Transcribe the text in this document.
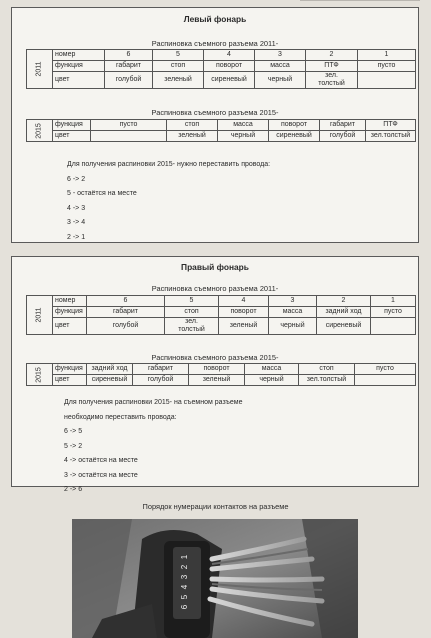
Левый фонарь
Распиновка съемного разъема 2011-
2011	номер	6	5	4	3	2	1
	функция	габарит	стоп	поворот	масса	ПТФ	пусто
	цвет	голубой	зеленый	сиреневый	черный	зел.
толстый	
Распиновка съемного разъема 2015-
2015	функция	пусто	стоп	масса	поворот	габарит	ПТФ
	цвет		зеленый	черный	сиреневый	голубой	зел.толстый
Для получения распиновки 2015- нужно переставить провода:
6 -> 2
5 - остаётся на месте
4 -> 3
3 -> 4
2 -> 1
Правый фонарь
Распиновка съемного разъема 2011-
2011	номер	6	5	4	3	2	1
	функция	габарит	стоп	поворот	масса	задний ход	пусто
	цвет	голубой	зел.
толстый	зеленый	черный	сиреневый	
Распиновка съемного разъема 2015-
2015	функция	задний ход	габарит	поворот	масса	стоп	пусто
	цвет	сиреневый	голубой	зеленый	черный	зел.толстый	
Для получения распиновки 2015- на съемном разъеме
необходимо переставить провода:
6 -> 5
5 -> 2
4 -> остаётся на месте
3 -> остаётся на месте
2 -> 6
Порядок нумерации контактов на разъеме
6
5
4
3
2
1
